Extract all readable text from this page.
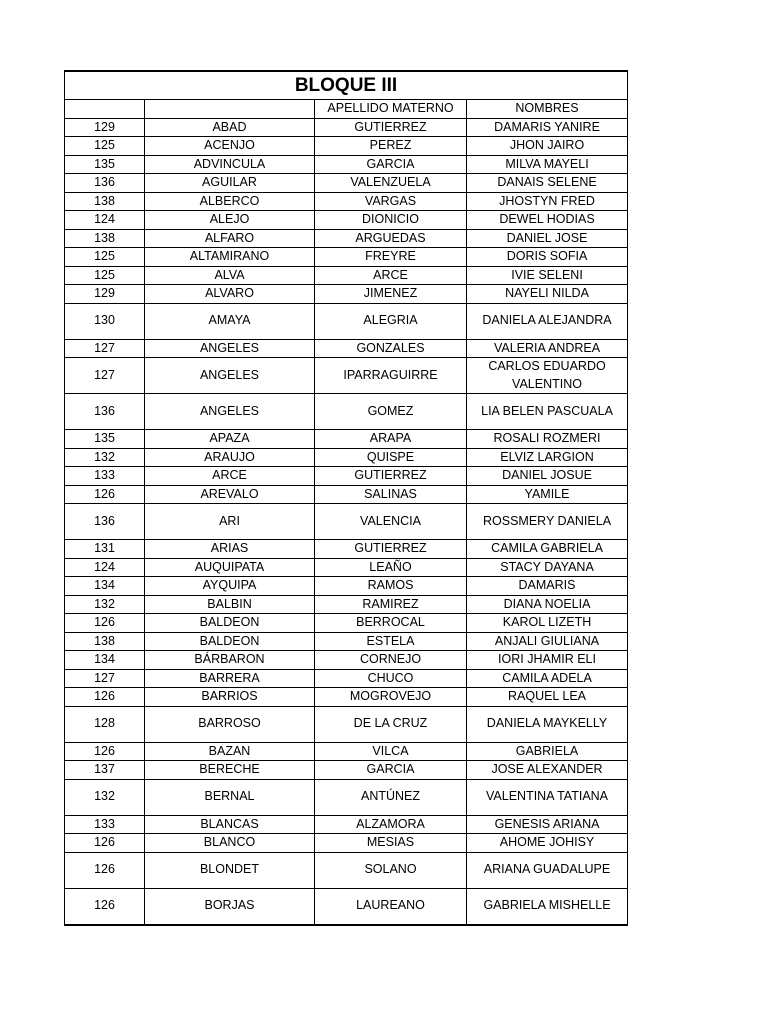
BLOQUE III			
		APELLIDO MATERNO	NOMBRES
129	ABAD	GUTIERREZ	DAMARIS YANIRE
125	ACENJO	PEREZ	JHON JAIRO
135	ADVINCULA	GARCIA	MILVA MAYELI
136	AGUILAR	VALENZUELA	DANAIS SELENE
138	ALBERCO	VARGAS	JHOSTYN FRED
124	ALEJO	DIONICIO	DEWEL HODIAS
138	ALFARO	ARGUEDAS	DANIEL JOSE
125	ALTAMIRANO	FREYRE	DORIS SOFIA
125	ALVA	ARCE	IVIE SELENI
129	ALVARO	JIMENEZ	NAYELI NILDA
130	AMAYA	ALEGRIA	DANIELA ALEJANDRA
127	ANGELES	GONZALES	VALERIA ANDREA
127	ANGELES	IPARRAGUIRRE	CARLOS EDUARDO VALENTINO
136	ANGELES	GOMEZ	LIA BELEN PASCUALA
135	APAZA	ARAPA	ROSALI ROZMERI
132	ARAUJO	QUISPE	ELVIZ LARGION
133	ARCE	GUTIERREZ	DANIEL JOSUE
126	AREVALO	SALINAS	YAMILE
136	ARI	VALENCIA	ROSSMERY DANIELA
131	ARIAS	GUTIERREZ	CAMILA GABRIELA
124	AUQUIPATA	LEAÑO	STACY DAYANA
134	AYQUIPA	RAMOS	DAMARIS
132	BALBIN	RAMIREZ	DIANA NOELIA
126	BALDEON	BERROCAL	KAROL LIZETH
138	BALDEON	ESTELA	ANJALI GIULIANA
134	BÁRBARON	CORNEJO	IORI JHAMIR ELI
127	BARRERA	CHUCO	CAMILA ADELA
126	BARRIOS	MOGROVEJO	RAQUEL LEA
128	BARROSO	DE LA CRUZ	DANIELA MAYKELLY
126	BAZAN	VILCA	GABRIELA
137	BERECHE	GARCIA	JOSE ALEXANDER
132	BERNAL	ANTÚNEZ	VALENTINA TATIANA
133	BLANCAS	ALZAMORA	GENESIS ARIANA
126	BLANCO	MESIAS	AHOME JOHISY
126	BLONDET	SOLANO	ARIANA GUADALUPE
126	BORJAS	LAUREANO	GABRIELA MISHELLE
